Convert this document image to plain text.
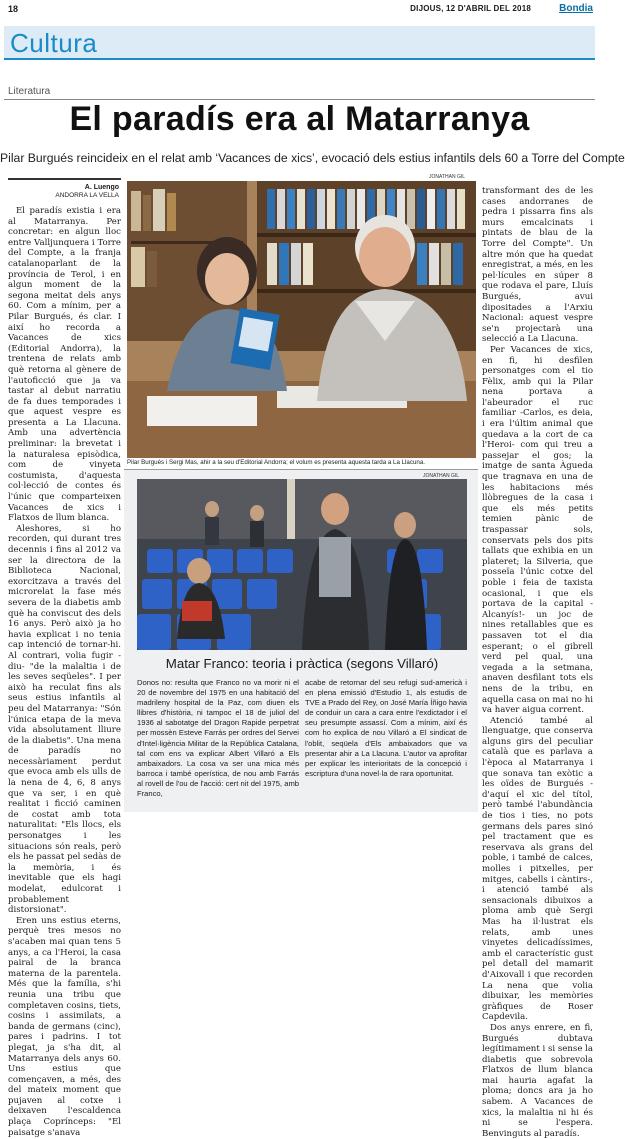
18	DIJOUS, 12 D'ABRIL DEL 2018	Bondia
Cultura
Literatura
El paradís era al Matarranya
Pilar Burgués reincideix en el relat amb ‘Vacances de xics’, evocació dels estius infantils dels 60 a Torre del Compte
A. Luengo
ANDORRA LA VELLA

El paradís existia i era al Matarranya. Per concretar: en algun lloc entre Valljunquera i Torre del Compte, a la franja catalanoparlant de la província de Terol, i en algun moment de la segona meitat dels anys 60. Com a mínim, per a Pilar Burgués, és clar. I així ho recorda a Vacances de xics (Editorial Andorra), la trentena de relats amb què retorna al gènere de l'autoficció que ja va tastar al debut narratiu de fa dues temporades i que aquest vespre es presenta a La Llacuna. Amb una advertència preliminar: la brevetat i la naturalesa episòdica, com de vinyeta costumista, d'aquesta col·lecció de contes és l'únic que comparteixen Vacances de xics i Flatxos de llum blanca.

Aleshores, si ho recorden, qui durant tres decennis i fins al 2012 va ser la directora de la Biblioteca Nacional, exorcitzava a través del microrelat la fase més severa de la diabetis amb què ha conviscut des dels 16 anys. Però això ja ho havia explicat i no tenia cap intenció de tornar-hi. Al contrari, volia fugir -diu- "de la malaltia i de les seves seqüeles". I per això ha reculat fins als seus estius infantils al peu del Matarranya: "Són l'única etapa de la meva vida absolutament lliure de la diabetis". Una mena de paradís no necessàriament perdut que evoca amb els ulls de la nena de 4, 6, 8 anys que va ser, i en què realitat i ficció caminen de costat amb tota naturalitat: "Els llocs, els personatges i les situacions són reals, però els he passat pel sedàs de la memòria, i és inevitable que els hagi modelat, edulcorat i probablement distorsionat".

Eren uns estius eterns, perquè tres mesos no s'acaben mai quan tens 5 anys, a ca l'Heroi, la casa pairal de la branca materna de la parentela. Més que la família, s'hi reunia una tribu que completaven cosins, tiets, cosins i assimilats, a banda de germans (cinc), pares i padrins. I tot plegat, ja s'ha dit, al Matarranya dels anys 60. Uns estius que començaven, a més, des del mateix moment que pujaven al cotxe i deixaven l'escaldenca plaça Coprínceps: "El paisatge s'anava

JONATHAN GIL
Pilar Burgués i Sergi Mas, ahir a la seu d'Editorial Andorra; el volum es presenta aquesta tarda a La Llacuna.
JONATHAN GIL
Matar Franco: teoria i pràctica (segons Villaró)
Donos no: resulta que Franco no va morir ni el 20 de novembre del 1975 en una habitació del madrileny hospital de la Paz, com diuen els llibres d'història, ni tampoc el 18 de juliol del 1936 al sabotatge del Dragon Rapide perpetrat per mossèn Esteve Farrás per ordres del Servei d'Intel·ligència Militar de la República Catalana, tal com ens va explicar Albert Villaró a Els ambaixadors. La cosa va ser una mica més barroca i també operística, de nou amb Farrás al rovell de l'ou de l'acció: cert nit del 1975, amb Franco,
acabe de retornar del seu refugi sud-americà i en plena emissió d'Estudio 1, als estudis de TVE a Prado del Rey, on José María Íñigo havia de conduir un cara a cara entre l'exdictador i el seu presumpte assassí. Com a mínim, així és com ho explica de nou Villaró a El sindicat de l'oblit, seqüela d'Els ambaixadors que va presentar ahir a La Llacuna. L'autor va aprofitar per explicar les interioritats de la concepció i escriptura d'una novel·la de rara oportunitat.

transformant des de les cases andorranes de pedra i pissarra fins als murs emcalcinats i pintats de blau de la Torre del Compte". Un altre món que ha quedat enregistrat, a més, en les pel·lícules en súper 8 que rodava el pare, Lluís Burgués, avui dipositades a l'Arxiu Nacional: aquest vespre se'n projectarà una selecció a La Llacuna.

Per Vacances de xics, en fi, hi desfilen personatges com el tio Fèlix, amb qui la Pilar nena portava a l'abeurador el ruc familiar -Carlos, es deia, i era l'últim animal que quedava a la cort de ca l'Heroi- com qui treu a passejar el gos; la imatge de santa Àgueda que tragnava en una de les habitacions més llòbregues de la casa i que els més petits temien pànic de traspassar sols, conservats pels dos pits tallats que exhibia en un plateret; la Silveria, que posseïa l'únic cotxe del poble i feia de taxista ocasional, i que els portava de la capital -Alcanyís!- un joc de nines retallables que es passaven tot el dia esperant; o el gibrell verd pel qual, una vegada a la setmana, anaven desfilant tots els nens de la tribu, en aquella casa on mai no hi va haver aigua corrent.

Atenció també al llenguatge, que conserva alguns girs del peculiar català que es parlava a l'època al Matarranya i que sonava tan exòtic a les oïdes de Burgués -d'aquí el xic del títol, però també l'abundància de tios i ties, no pots germans dels pares sinó pel tractament que es reservava als grans del poble, i també de calces, molles i pitxelles, per mitges, cabells i càntirs-, i atenció també als sensacionals dibuixos a ploma amb què Sergi Mas ha il·lustrat els relats, amb unes vinyetes delicadíssimes, amb el característic gust pel detall del mamarit d'Aixovall i que recorden La nena que volia dibuixar, les memòries gràfiques de Roser Capdevila.

Dos anys enrere, en fi, Burgués dubtava legítimament i si sense la diabetis que sobrevola Flatxos de llum blanca mai hauria agafat la ploma; doncs ara ja ho sabem. A Vacances de xics, la malaltia ni hi és ni se l'espera. Benvinguts al paradís.
